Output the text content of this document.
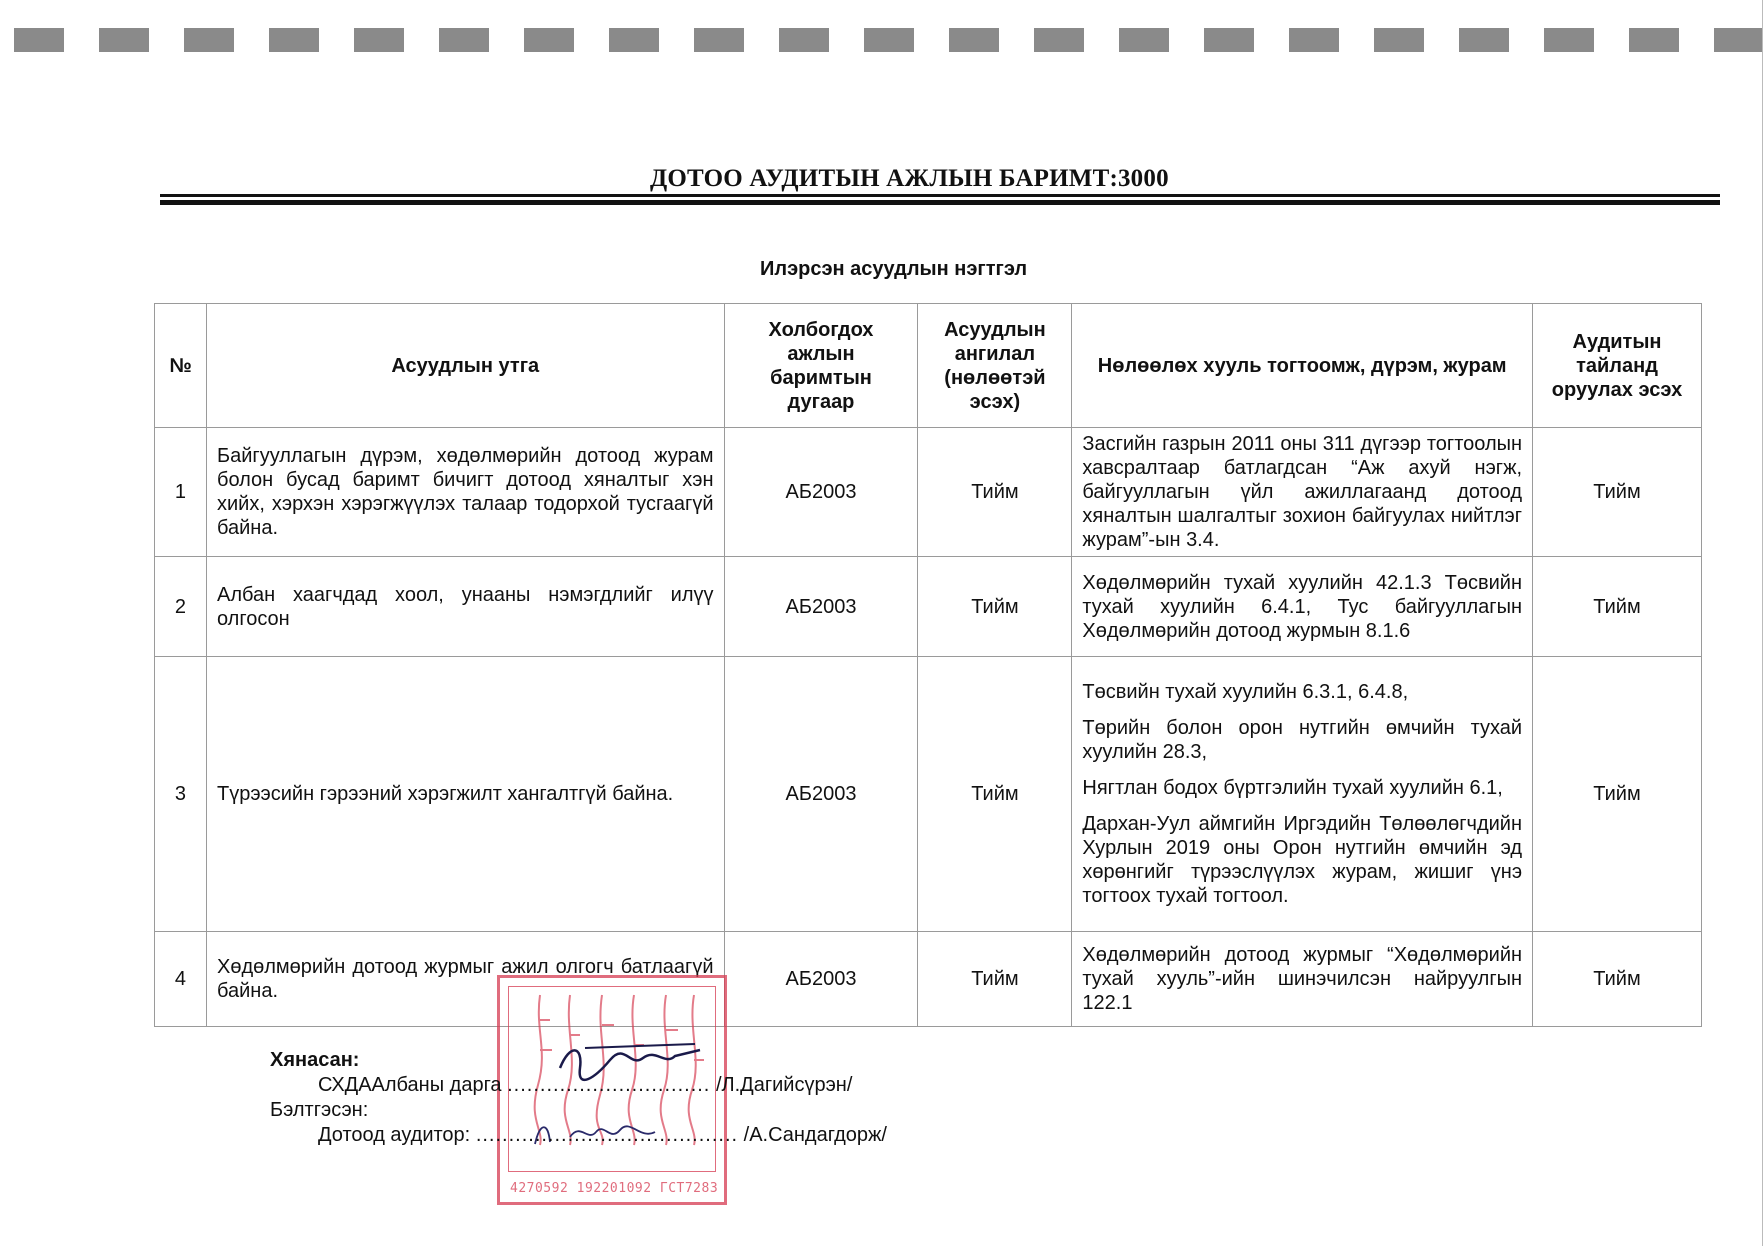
ДОТОО АУДИТЫН АЖЛЫН БАРИМТ:3000
Илэрсэн асуудлын нэгтгэл
№	Асуудлын утга	Холбогдох ажлын баримтын дугаар	Асуудлын ангилал (нөлөөтэй эсэх)	Нөлөөлөх хууль тогтоомж, дүрэм, журам	Аудитын тайланд оруулах эсэх
1	Байгууллагын дүрэм, хөдөлмөрийн дотоод журам болон бусад баримт бичигт дотоод хяналтыг хэн хийх, хэрхэн хэрэгжүүлэх талаар тодорхой тусгаагүй байна.	АБ2003	Тийм	Засгийн газрын 2011 оны 311 дүгээр тогтоолын хавсралтаар батлагдсан “Аж ахуй нэгж, байгууллагын үйл ажиллагаанд дотоод хяналтын шалгалтыг зохион байгуулах нийтлэг журам”-ын 3.4.	Тийм
2	Албан хаагчдад хоол, унааны нэмэгдлийг илүү олгосон	АБ2003	Тийм	Хөдөлмөрийн тухай хуулийн 42.1.3 Төсвийн тухай хуулийн 6.4.1, Тус байгууллагын Хөдөлмөрийн дотоод журмын 8.1.6	Тийм
3	Түрээсийн гэрээний хэрэгжилт хангалтгүй байна.	АБ2003	Тийм	Төсвийн тухай хуулийн 6.3.1, 6.4.8,

Төрийн болон орон нутгийн өмчийн тухай хуулийн 28.3,

Нягтлан бодох бүртгэлийн тухай хуулийн 6.1,

Дархан-Уул аймгийн Иргэдийн Төлөөлөгчдийн Хурлын 2019 оны Орон нутгийн өмчийн эд хөрөнгийг түрээслүүлэх журам, жишиг үнэ тогтоох тухай тогтоол.	Тийм
4	Хөдөлмөрийн дотоод журмыг ажил олгогч батлаагүй байна.	АБ2003	Тийм	Хөдөлмөрийн дотоод журмыг “Хөдөлмөрийн тухай хууль”-ийн шинэчилсэн найруулгын 122.1	Тийм
4270592 192201092 ГСТ7283
Хянасан:
СХДААлбаны дарга ............................... /Л.Дагийсүрэн/
Бэлтгэсэн:
Дотоод аудитор: ........................................ /А.Сандагдорж/
